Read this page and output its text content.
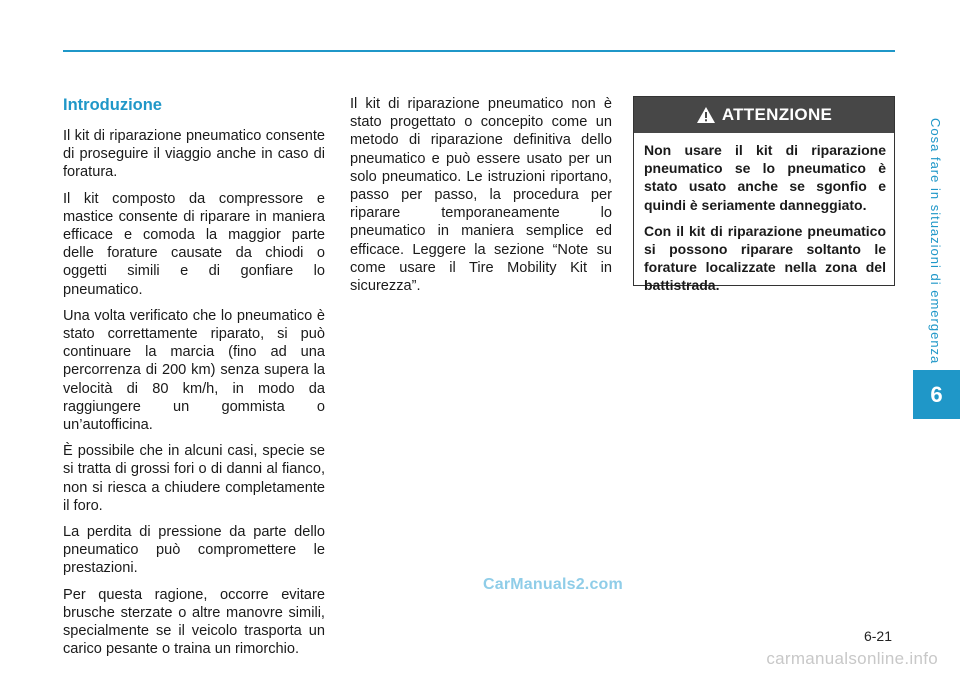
Introduzione

Il kit di riparazione pneumatico consente di proseguire il viaggio anche in caso di foratura.

Il kit composto da compressore e mastice consente di riparare in maniera efficace e comoda la maggior parte delle forature causate da chiodi o oggetti simili e di gonfiare lo pneumatico.

Una volta verificato che lo pneumatico è stato correttamente riparato, si può continuare la marcia (fino ad una percorrenza di 200 km) senza supera la velocità di 80 km/h, in modo da raggiungere un gommista o un’autofficina.

È possibile che in alcuni casi, specie se si tratta di grossi fori o di danni al fianco, non si riesca a chiudere completamente il foro.

La perdita di pressione da parte dello pneumatico può compromettere le prestazioni.

Per questa ragione, occorre evitare brusche sterzate o altre manovre simili, specialmente se il veicolo trasporta un carico pesante o traina un rimorchio.

Il kit di riparazione pneumatico non è stato progettato o concepito come un metodo di riparazione definitiva dello pneumatico e può essere usato per un solo pneumatico. Le istruzioni riportano, passo per passo, la procedura per riparare temporaneamente lo pneumatico in maniera semplice ed efficace. Leggere la sezione “Note su come usare il Tire Mobility Kit in sicurezza”.

ATTENZIONE

Non usare il kit di riparazione pneumatico se lo pneumatico è stato usato anche se sgonfio e quindi è seriamente danneggiato.

Con il kit di riparazione pneumatico si possono riparare soltanto le forature localizzate nella zona del battistrada.	Cosa fare in situazioni di emergenza
6
CarManuals2.com
6-21
carmanualsonline.info
